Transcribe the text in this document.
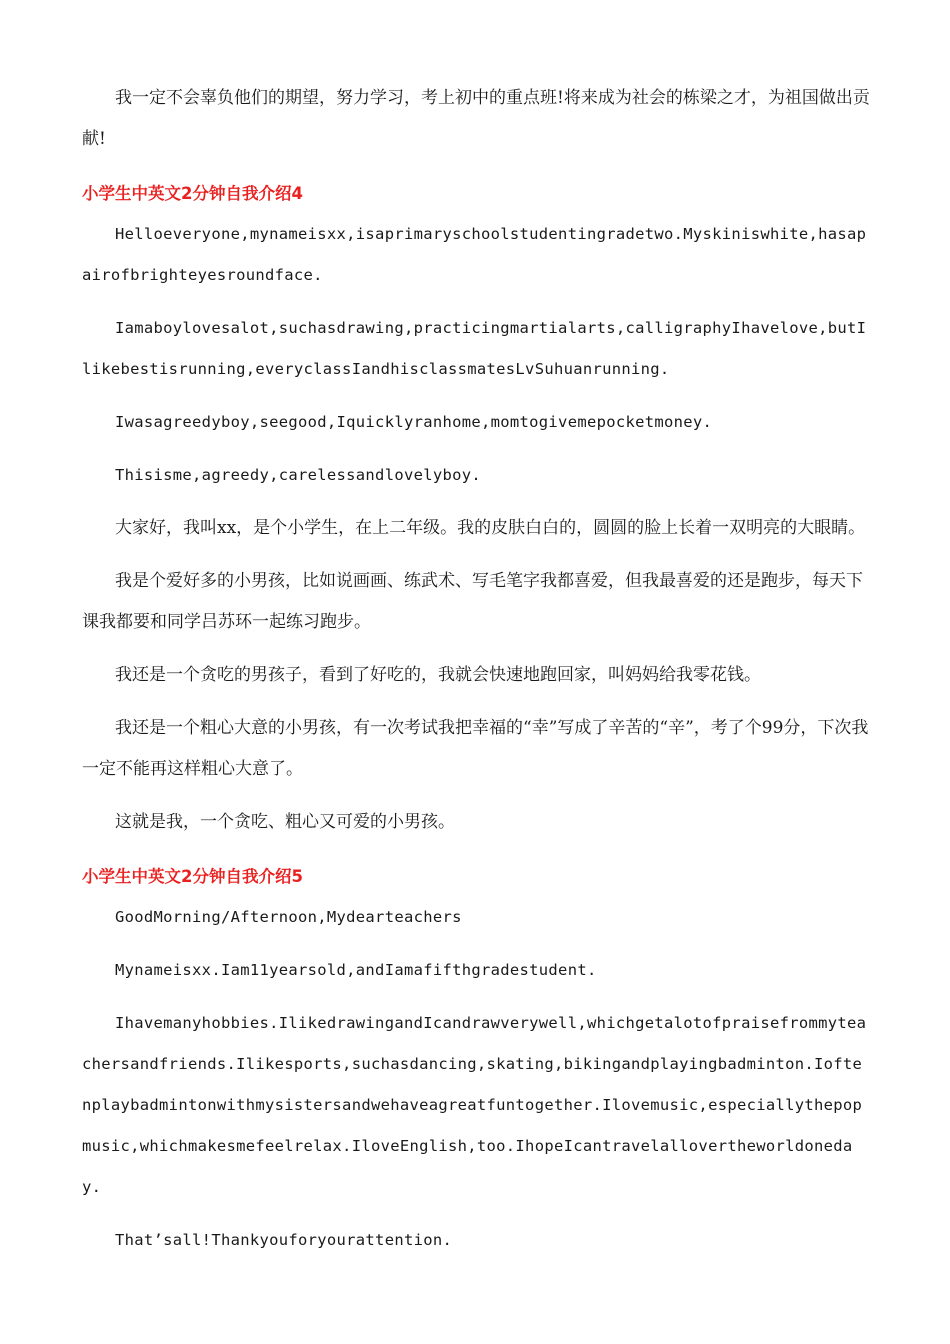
我一定不会辜负他们的期望，努力学习，考上初中的重点班!将来成为社会的栋梁之才，为祖国做出贡献!

小学生中英文2分钟自我介绍4

Helloeveryone,mynameisxx,isaprimaryschoolstudentingradetwo.Myskiniswhite,hasapairofbrighteyesroundface.

Iamaboylovesalot,suchasdrawing,practicingmartialarts,calligraphyIhavelove,butIlikebestisrunning,everyclassIandhisclassmatesLvSuhuanrunning.

Iwasagreedyboy,seegood,Iquicklyranhome,momtogivemepocketmoney.

Thisisme,agreedy,carelessandlovelyboy.

大家好，我叫xx，是个小学生，在上二年级。我的皮肤白白的，圆圆的脸上长着一双明亮的大眼睛。

我是个爱好多的小男孩，比如说画画、练武术、写毛笔字我都喜爱，但我最喜爱的还是跑步，每天下课我都要和同学吕苏环一起练习跑步。

我还是一个贪吃的男孩子，看到了好吃的，我就会快速地跑回家，叫妈妈给我零花钱。

我还是一个粗心大意的小男孩，有一次考试我把幸福的“幸”写成了辛苦的“辛”，考了个99分，下次我一定不能再这样粗心大意了。

这就是我，一个贪吃、粗心又可爱的小男孩。

小学生中英文2分钟自我介绍5

GoodMorning/Afternoon,Mydearteachers

Mynameisxx.Iam11yearsold,andIamafifthgradestudent.

Ihavemanyhobbies.IlikedrawingandIcandrawverywell,whichgetalotofpraisefrommyteachersandfriends.Ilikesports,suchasdancing,skating,bikingandplayingbadminton.Ioftenplaybadmintonwithmysistersandwehaveagreatfuntogether.Ilovemusic,especiallythepopmusic,whichmakesmefeelrelax.IloveEnglish,too.IhopeIcantravelallovertheworldoneday.

That’sall!Thankyouforyourattention.
